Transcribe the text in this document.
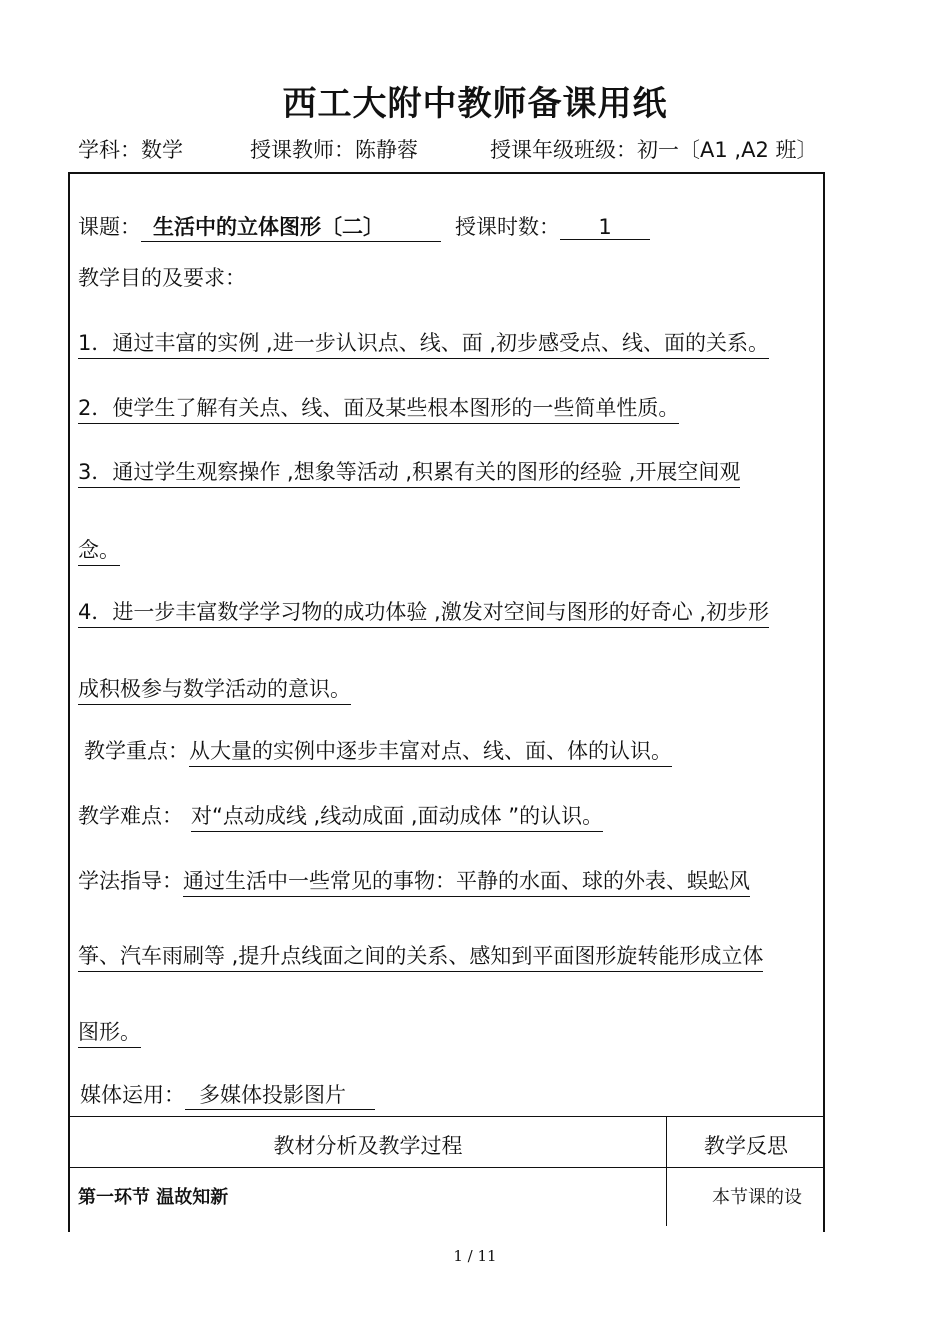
西工大附中教师备课用纸
学科：数学	授课教师：陈静蓉	授课年级班级：初一〔A1 ,A2 班〕
课题： 生活中的立体图形〔二〕	授课时数： 1
教学目的及要求：
1．通过丰富的实例 ,进一步认识点、线、面 ,初步感受点、线、面的关系。
2．使学生了解有关点、线、面及某些根本图形的一些简单性质。
3．通过学生观察操作 ,想象等活动 ,积累有关的图形的经验 ,开展空间观
念。
4．进一步丰富数学学习物的成功体验 ,激发对空间与图形的好奇心 ,初步形
成积极参与数学活动的意识。
教学重点：从大量的实例中逐步丰富对点、线、面、体的认识。
教学难点： 对“点动成线 ,线动成面 ,面动成体 ”的认识。
学法指导：通过生活中一些常见的事物：平静的水面、球的外表、蜈蚣风
筝、汽车雨刷等 ,提升点线面之间的关系、感知到平面图形旋转能形成立体
图形。
媒体运用： 多媒体投影图片
教材分析及教学过程	教学反思
第一环节 温故知新	本节课的设
1 / 11
